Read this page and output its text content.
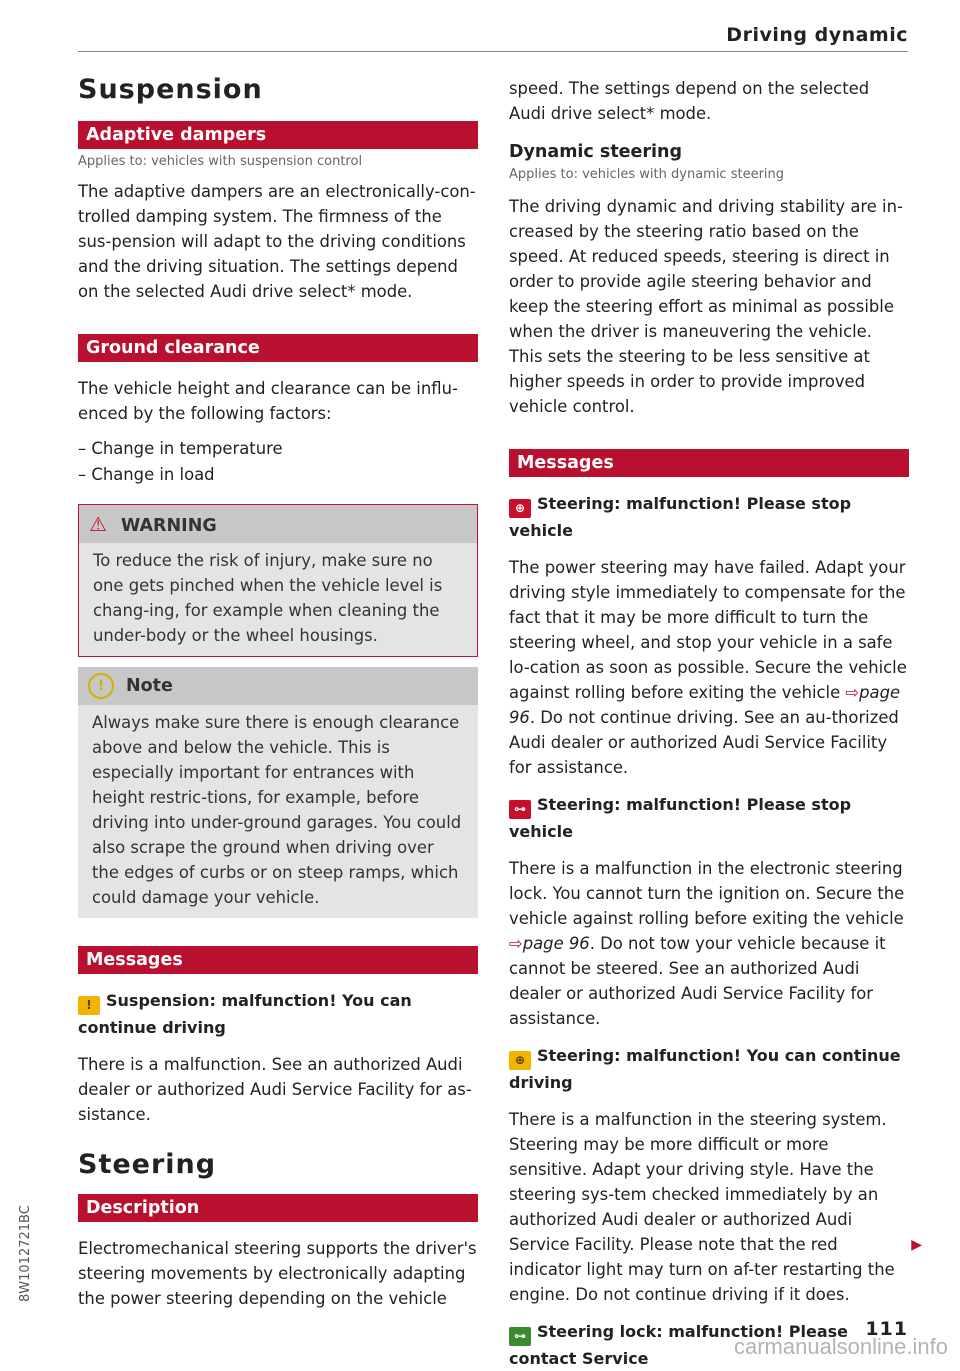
Driving dynamic
Suspension
Adaptive dampers
Applies to: vehicles with suspension control

The adaptive dampers are an electronically-con-trolled damping system. The firmness of the sus-pension will adapt to the driving conditions and the driving situation. The settings depend on the selected Audi drive select* mode.

Ground clearance

The vehicle height and clearance can be influ-enced by the following factors:

– Change in temperature
– Change in load
⚠ WARNING
To reduce the risk of injury, make sure no one gets pinched when the vehicle level is chang-ing, for example when cleaning the under-body or the wheel housings.
! Note
Always make sure there is enough clearance above and below the vehicle. This is especially important for entrances with height restric-tions, for example, before driving into under-ground garages. You could also scrape the ground when driving over the edges of curbs or on steep ramps, which could damage your vehicle.
Messages
! Suspension: malfunction! You can continue driving

There is a malfunction. See an authorized Audi dealer or authorized Audi Service Facility for as-sistance.

Steering
Description

Electromechanical steering supports the driver's steering movements by electronically adapting the power steering depending on the vehicle

speed. The settings depend on the selected Audi drive select* mode.

Dynamic steering
Applies to: vehicles with dynamic steering

The driving dynamic and driving stability are in-creased by the steering ratio based on the speed. At reduced speeds, steering is direct in order to provide agile steering behavior and keep the steering effort as minimal as possible when the driver is maneuvering the vehicle. This sets the steering to be less sensitive at higher speeds in order to provide improved vehicle control.

Messages
⊕ Steering: malfunction! Please stop vehicle

The power steering may have failed. Adapt your driving style immediately to compensate for the fact that it may be more difficult to turn the steering wheel, and stop your vehicle in a safe lo-cation as soon as possible. Secure the vehicle against rolling before exiting the vehicle ⇨page 96. Do not continue driving. See an au-thorized Audi dealer or authorized Audi Service Facility for assistance.

⊶ Steering: malfunction! Please stop vehicle

There is a malfunction in the electronic steering lock. You cannot turn the ignition on. Secure the vehicle against rolling before exiting the vehicle ⇨page 96. Do not tow your vehicle because it cannot be steered. See an authorized Audi dealer or authorized Audi Service Facility for assistance.

⊕ Steering: malfunction! You can continue driving

There is a malfunction in the steering system. Steering may be more difficult or more sensitive. Adapt your driving style. Have the steering sys-tem checked immediately by an authorized Audi dealer or authorized Audi Service Facility. Please note that the red indicator light may turn on af-ter restarting the engine. Do not continue driving if it does.

⊶ Steering lock: malfunction! Please contact Service
▶
111
8W1012721BC
carmanualsonline.info
